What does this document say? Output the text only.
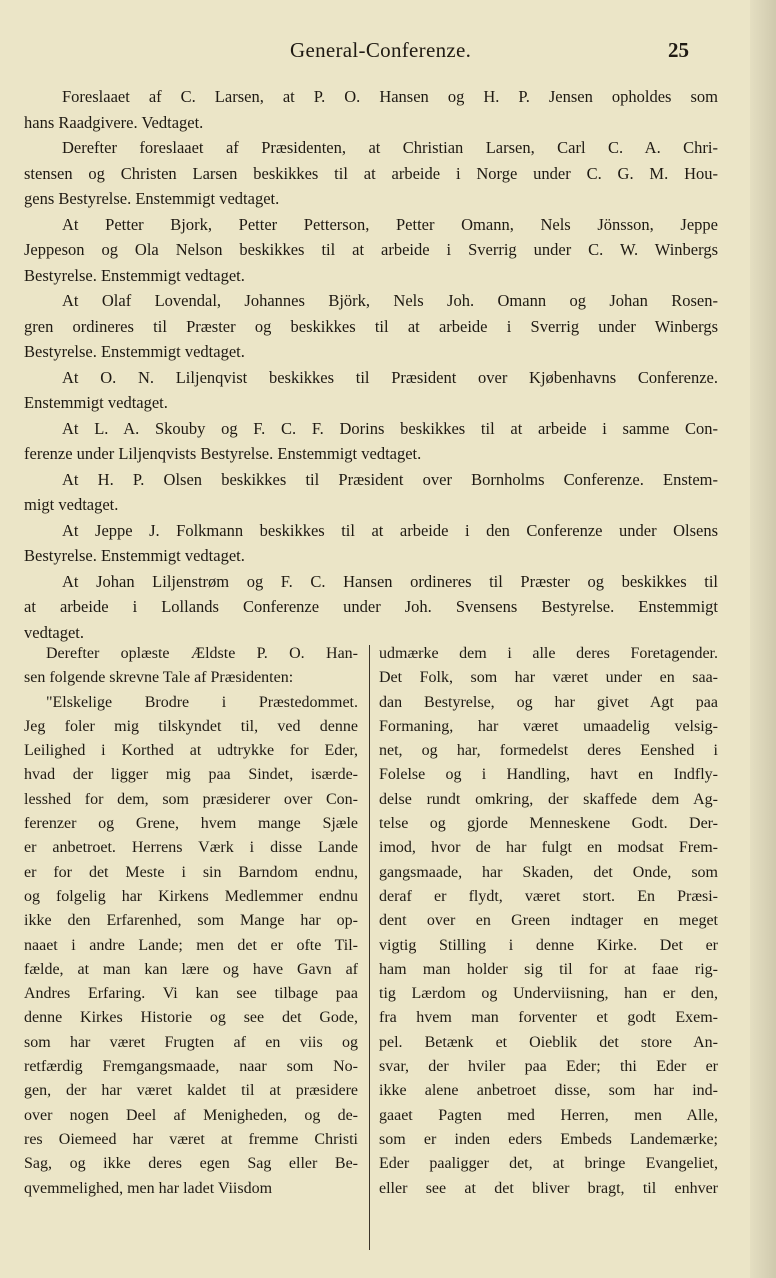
General-Conferenze.	25
Foreslaaet af C. Larsen, at P. O. Hansen og H. P. Jensen opholdes som
hans Raadgivere. Vedtaget.
Derefter foreslaaet af Præsidenten, at Christian Larsen, Carl C. A. Chri-
stensen og Christen Larsen beskikkes til at arbeide i Norge under C. G. M. Hou-
gens Bestyrelse. Enstemmigt vedtaget.
At Petter Bjork, Petter Petterson, Petter Omann, Nels Jönsson, Jeppe
Jeppeson og Ola Nelson beskikkes til at arbeide i Sverrig under C. W. Winbergs
Bestyrelse. Enstemmigt vedtaget.
At Olaf Lovendal, Johannes Björk, Nels Joh. Omann og Johan Rosen-
gren ordineres til Præster og beskikkes til at arbeide i Sverrig under Winbergs
Bestyrelse. Enstemmigt vedtaget.
At O. N. Liljenqvist beskikkes til Præsident over Kjøbenhavns Conferenze.
Enstemmigt vedtaget.
At L. A. Skouby og F. C. F. Dorins beskikkes til at arbeide i samme Con-
ferenze under Liljenqvists Bestyrelse. Enstemmigt vedtaget.
At H. P. Olsen beskikkes til Præsident over Bornholms Conferenze. Enstem-
migt vedtaget.
At Jeppe J. Folkmann beskikkes til at arbeide i den Conferenze under Olsens
Bestyrelse. Enstemmigt vedtaget.
At Johan Liljenstrøm og F. C. Hansen ordineres til Præster og beskikkes til
at arbeide i Lollands Conferenze under Joh. Svensens Bestyrelse. Enstemmigt
vedtaget.
Derefter oplæste Ældste P. O. Han-
sen folgende skrevne Tale af Præsidenten:
"Elskelige Brodre i Præstedommet.
Jeg foler mig tilskyndet til, ved denne
Leilighed i Korthed at udtrykke for Eder,
hvad der ligger mig paa Sindet, isærde-
lesshed for dem, som præsiderer over Con-
ferenzer og Grene, hvem mange Sjæle
er anbetroet. Herrens Værk i disse Lande
er for det Meste i sin Barndom endnu,
og folgelig har Kirkens Medlemmer endnu
ikke den Erfarenhed, som Mange har op-
naaet i andre Lande; men det er ofte Til-
fælde, at man kan lære og have Gavn af
Andres Erfaring. Vi kan see tilbage paa
denne Kirkes Historie og see det Gode,
som har været Frugten af en viis og
retfærdig Fremgangsmaade, naar som No-
gen, der har været kaldet til at præsidere
over nogen Deel af Menigheden, og de-
res Oiemeed har været at fremme Christi
Sag, og ikke deres egen Sag eller Be-
qvemmelighed, men har ladet Viisdom
udmærke dem i alle deres Foretagender.
Det Folk, som har været under en saa-
dan Bestyrelse, og har givet Agt paa
Formaning, har været umaadelig velsig-
net, og har, formedelst deres Eenshed i
Folelse og i Handling, havt en Indfly-
delse rundt omkring, der skaffede dem Ag-
telse og gjorde Menneskene Godt. Der-
imod, hvor de har fulgt en modsat Frem-
gangsmaade, har Skaden, det Onde, som
deraf er flydt, været stort. En Præsi-
dent over en Green indtager en meget
vigtig Stilling i denne Kirke. Det er
ham man holder sig til for at faae rig-
tig Lærdom og Underviisning, han er den,
fra hvem man forventer et godt Exem-
pel. Betænk et Oieblik det store An-
svar, der hviler paa Eder; thi Eder er
ikke alene anbetroet disse, som har ind-
gaaet Pagten med Herren, men Alle,
som er inden eders Embeds Landemærke;
Eder paaligger det, at bringe Evangeliet,
eller see at det bliver bragt, til enhver
